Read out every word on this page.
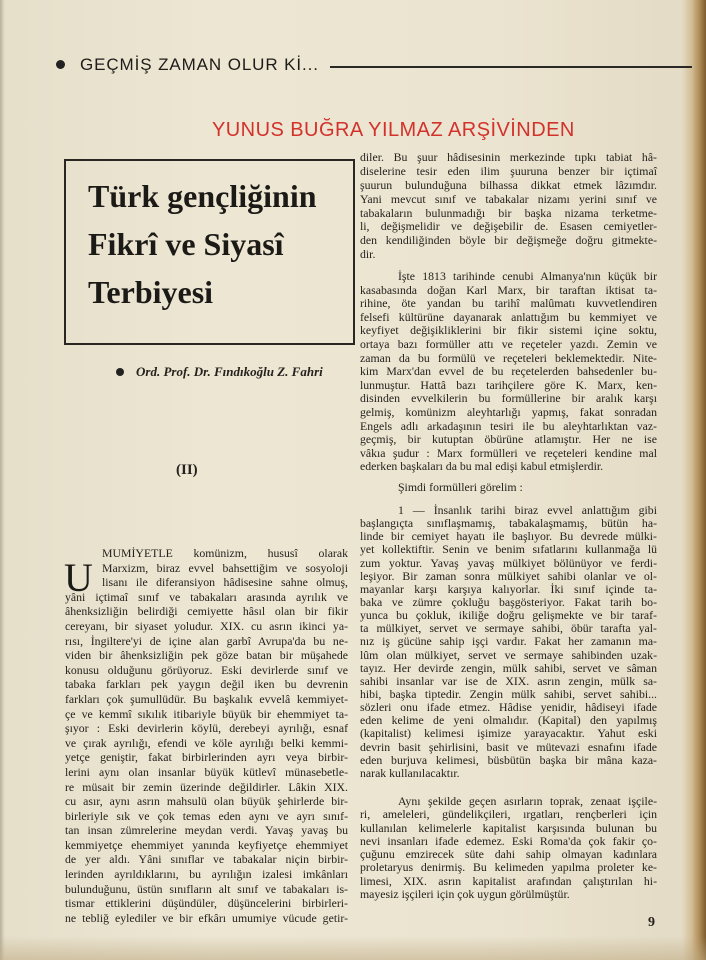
GEÇMİŞ ZAMAN OLUR Kİ...
YUNUS BUĞRA YILMAZ ARŞİVİNDEN
Türk gençliğinin
Fikrî ve Siyasî
Terbiyesi
Ord. Prof. Dr. Fındıkoğlu Z. Fahri
(II)
U
MUMİYETLE komünizm, hususî olarak
Marxizm, biraz evvel bahsettiğim ve sosyoloji
lisanı ile diferansiyon hâdisesine sahne olmuş,
yâni içtimaî sınıf ve tabakaları arasında ayrılık ve
âhenksizliğin belirdiği cemiyette hâsıl olan bir fikir
cereyanı, bir siyaset yoludur. XIX. cu asrın ikinci ya-
rısı, İngiltere'yi de içine alan garbî Avrupa'da bu ne-
viden bir âhenksizliğin pek göze batan bir müşahede
konusu olduğunu görüyoruz. Eski devirlerde sınıf ve
tabaka farkları pek yaygın değil iken bu devrenin
farkları çok şumullüdür. Bu başkalık evvelâ kemmiyet-
çe ve kemmî sıkılık itibariyle büyük bir ehemmiyet ta-
şıyor : Eski devirlerin köylü, derebeyi ayrılığı, esnaf
ve çırak ayrılığı, efendi ve köle ayrılığı belki kemmi-
yetçe geniştir, fakat birbirlerinden ayrı veya birbir-
lerini aynı olan insanlar büyük kütlevî münasebetle-
re müsait bir zemin üzerinde değildirler. Lâkin XIX.
cu asır, aynı asrın mahsulü olan büyük şehirlerde bir-
birleriyle sık ve çok temas eden aynı ve ayrı sınıf-
tan insan zümrelerine meydan verdi. Yavaş yavaş bu
kemmiyetçe ehemmiyet yanında keyfiyetçe ehemmiyet
de yer aldı. Yâni sınıflar ve tabakalar niçin birbir-
lerinden ayrıldıklarını, bu ayrılığın izalesi imkânları
bulunduğunu, üstün sınıfların alt sınıf ve tabakaları is-
tismar ettiklerini düşündüler, düşüncelerini birbirleri-
ne tebliğ eylediler ve bir efkârı umumiye vücude getir-
diler. Bu şuur hâdisesinin merkezinde tıpkı tabiat hâ-
diselerine tesir eden ilim şuuruna benzer bir içtimaî
şuurun bulunduğuna bilhassa dikkat etmek lâzımdır.
Yani mevcut sınıf ve tabakalar nizamı yerini sınıf ve
tabakaların bulunmadığı bir başka nizama terketme-
li, değişmelidir ve değişebilir de. Esasen cemiyetler-
den kendiliğinden böyle bir değişmeğe doğru gitmekte-
dir.
İşte 1813 tarihinde cenubi Almanya'nın küçük bir
kasabasında doğan Karl Marx, bir taraftan iktisat ta-
rihine, öte yandan bu tarihî malûmatı kuvvetlendiren
felsefi kültürüne dayanarak anlattığım bu kemmiyet ve
keyfiyet değişikliklerini bir fikir sistemi içine soktu,
ortaya bazı formüller attı ve reçeteler yazdı. Zemin ve
zaman da bu formülü ve reçeteleri beklemektedir. Nite-
kim Marx'dan evvel de bu reçetelerden bahsedenler bu-
lunmuştur. Hattâ bazı tarihçilere göre K. Marx, ken-
disinden evvelkilerin bu formüllerine bir aralık karşı
gelmiş, komünizm aleyhtarlığı yapmış, fakat sonradan
Engels adlı arkadaşının tesiri ile bu aleyhtarlıktan vaz-
geçmiş, bir kutuptan öbürüne atlamıştır. Her ne ise
vâkıa şudur : Marx formülleri ve reçeteleri kendine mal
ederken başkaları da bu mal edişi kabul etmişlerdir.
Şimdi formülleri görelim :
1 — İnsanlık tarihi biraz evvel anlattığım gibi
başlangıçta sınıflaşmamış, tabakalaşmamış, bütün ha-
linde bir cemiyet hayatı ile başlıyor. Bu devrede mülki-
yet kollektiftir. Senin ve benim sıfatlarını kullanmağa lü
zum yoktur. Yavaş yavaş mülkiyet bölünüyor ve ferdi-
leşiyor. Bir zaman sonra mülkiyet sahibi olanlar ve ol-
mayanlar karşı karşıya kalıyorlar. İki sınıf içinde ta-
baka ve zümre çokluğu başgösteriyor. Fakat tarih bo-
yunca bu çokluk, ikiliğe doğru gelişmekte ve bir taraf-
ta mülkiyet, servet ve sermaye sahibi, öbür tarafta yal-
nız iş gücüne sahip işçi vardır. Fakat her zamanın ma-
lûm olan mülkiyet, servet ve sermaye sahibinden uzak-
tayız. Her devirde zengin, mülk sahibi, servet ve sâman
sahibi insanlar var ise de XIX. asrın zengin, mülk sa-
hibi, başka tiptedir. Zengin mülk sahibi, servet sahibi...
sözleri onu ifade etmez. Hâdise yenidir, hâdiseyi ifade
eden kelime de yeni olmalıdır. (Kapital) den yapılmış
(kapitalist) kelimesi işimize yarayacaktır. Yahut eski
devrin basit şehirlisini, basit ve mütevazi esnafını ifade
eden burjuva kelimesi, büsbütün başka bir mâna kaza-
narak kullanılacaktır.
Aynı şekilde geçen asırların toprak, zenaat işçile-
ri, ameleleri, gündelikçileri, ırgatları, rençberleri için
kullanılan kelimelerle kapitalist karşısında bulunan bu
nevi insanları ifade edemez. Eski Roma'da çok fakir ço-
çuğunu emzirecek süte dahi sahip olmayan kadınlara
proletaryus denirmiş. Bu kelimeden yapılma proleter ke-
limesi, XIX. asrın kapitalist arafından çalıştırılan hi-
mayesiz işçileri için çok uygun görülmüştür.
9
